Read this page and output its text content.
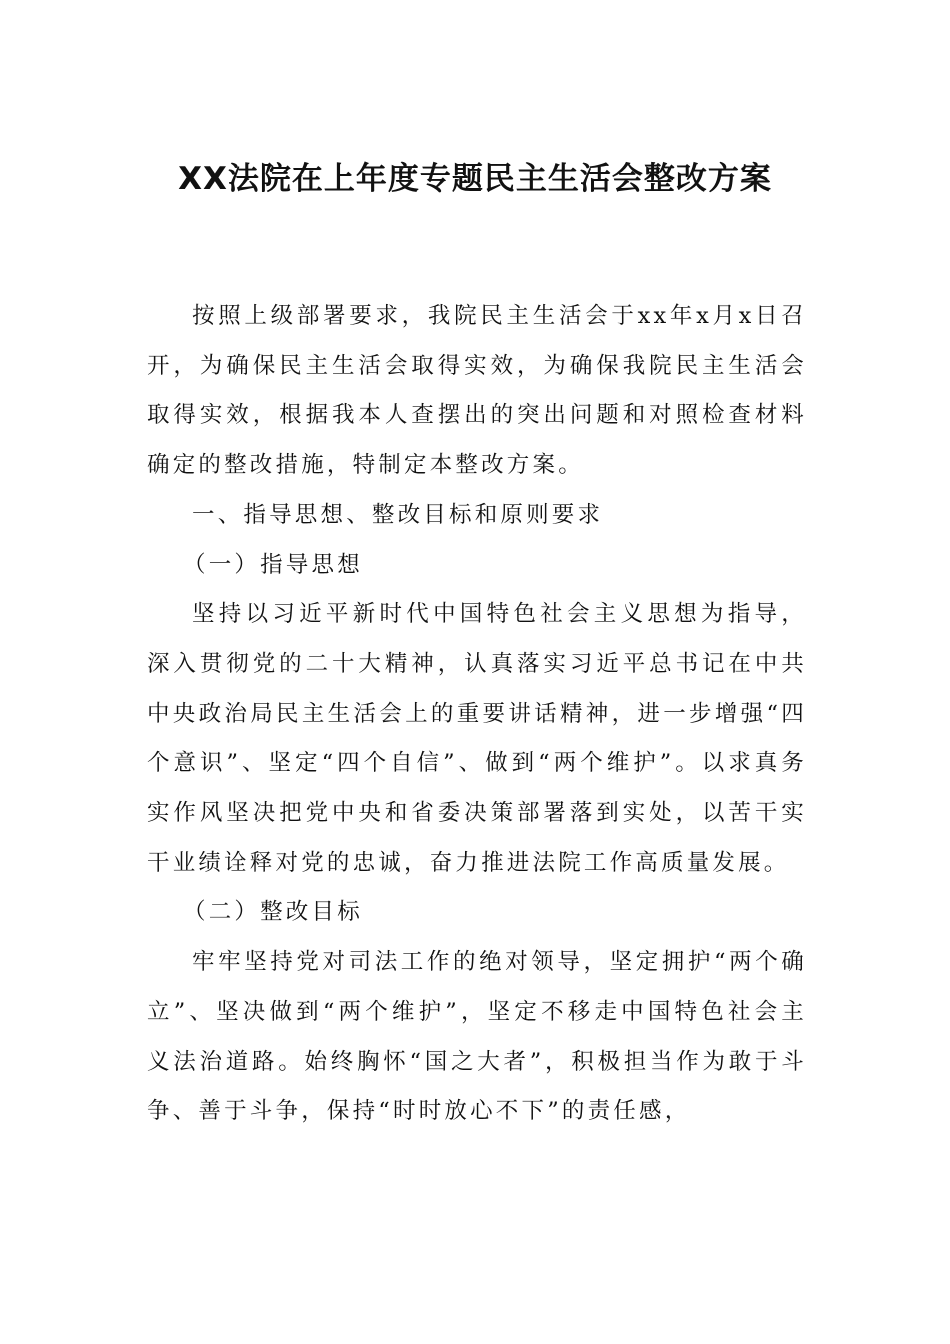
XX法院在上年度专题民主生活会整改方案

按照上级部署要求，我院民主生活会于xx年x月x日召开，为确保民主生活会取得实效，为确保我院民主生活会取得实效，根据我本人查摆出的突出问题和对照检查材料确定的整改措施，特制定本整改方案。

一、指导思想、整改目标和原则要求

（一）指导思想

坚持以习近平新时代中国特色社会主义思想为指导，深入贯彻党的二十大精神，认真落实习近平总书记在中共中央政治局民主生活会上的重要讲话精神，进一步增强“四个意识”、坚定“四个自信”、做到“两个维护”。以求真务实作风坚决把党中央和省委决策部署落到实处，以苦干实干业绩诠释对党的忠诚，奋力推进法院工作高质量发展。

（二）整改目标

牢牢坚持党对司法工作的绝对领导，坚定拥护“两个确立”、坚决做到“两个维护”，坚定不移走中国特色社会主义法治道路。始终胸怀“国之大者”，积极担当作为敢于斗争、善于斗争，保持“时时放心不下”的责任感，
